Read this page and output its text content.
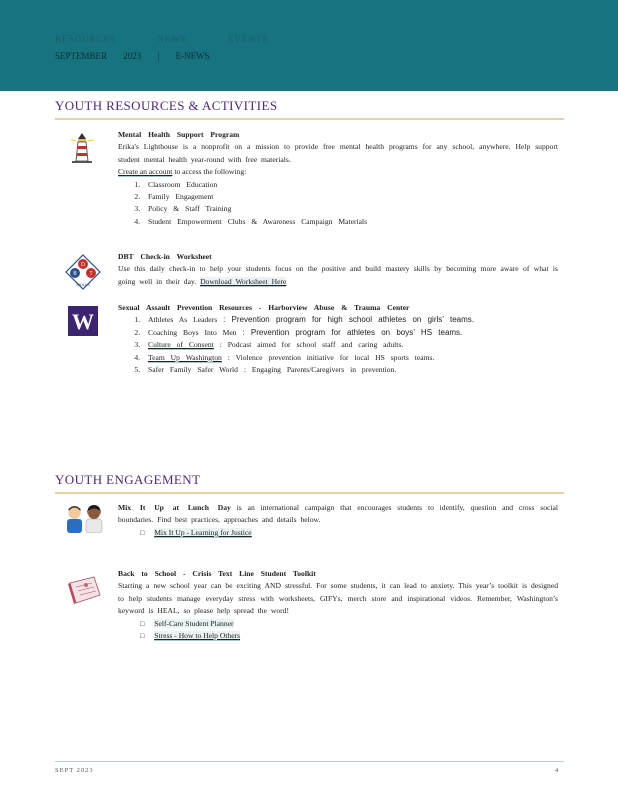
RESOURCES	NEWS	EVENTS
SEPTEMBER 2023 | E-NEWS
YOUTH RESOURCES & ACTIVITIES
Mental Health Support Program
Erika's Lighthouse is a nonprofit on a mission to provide free mental health programs for any school, anywhere. Help support student mental health year-round with free materials.
Create an account to access the following:
1. Classroom Education
2. Family Engagement
3. Policy & Staff Training
4. Student Empowerment Clubs & Awareness Campaign Materials
D
B	T
SKILLS
DBT Check-in Worksheet
Use this daily check-in to help your students focus on the positive and build mastery skills by becoming more aware of what is going well in their day. Download Worksheet Here
W
Sexual Assault Prevention Resources - Harborview Abuse & Trauma Center
1. Athletes As Leaders : Prevention program for high school athletes on girls’ teams.
2. Coaching Boys Into Men : Prevention program for athletes on boys’ HS teams.
3. Culture of Consent : Podcast aimed for school staff and caring adults.
4. Team Up Washington : Violence prevention initiative for local HS sports teams.
5. Safer Family Safer World : Engaging Parents/Caregivers in prevention.
YOUTH ENGAGEMENT
Mix It Up at Lunch Day is an international campaign that encourages students to identify, question and cross social boundaries. Find best practices, approaches and details below.
□ Mix It Up - Learning for Justice
Back to School - Crisis Text Line Student Toolkit
Starting a new school year can be exciting AND stressful. For some students, it can lead to anxiety. This year’s toolkit is designed to help students manage everyday stress with worksheets, GIFYs, merch store and inspirational videos. Remember, Washington’s keyword is HEAL, so please help spread the word!
□ Self-Care Student Planner
□ Stress - How to Help Others
SEPT 2023	4
